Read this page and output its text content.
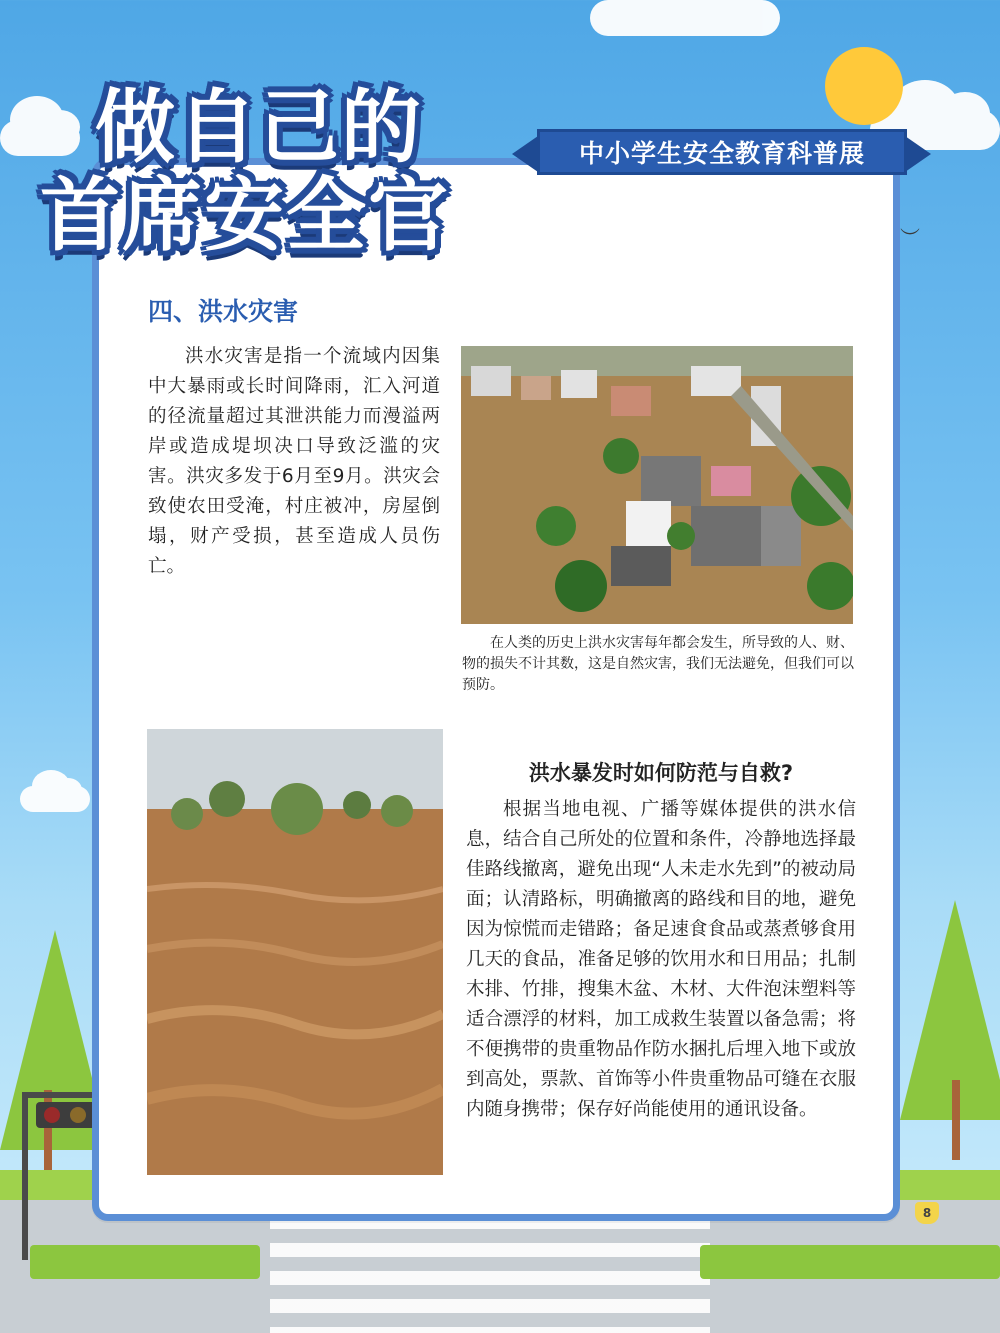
︶
中小学生安全教育科普展
做自己的
首席安全官
四、洪水灾害

洪水灾害是指一个流域内因集中大暴雨或长时间降雨，汇入河道的径流量超过其泄洪能力而漫溢两岸或造成堤坝决口导致泛滥的灾害。洪灾多发于6月至9月。洪灾会致使农田受淹，村庄被冲，房屋倒塌，财产受损，甚至造成人员伤亡。

在人类的历史上洪水灾害每年都会发生，所导致的人、财、物的损失不计其数，这是自然灾害，我们无法避免，但我们可以预防。

洪水暴发时如何防范与自救?

根据当地电视、广播等媒体提供的洪水信息，结合自己所处的位置和条件，冷静地选择最佳路线撤离，避免出现“人未走水先到”的被动局面；认清路标，明确撤离的路线和目的地，避免因为惊慌而走错路；备足速食食品或蒸煮够食用几天的食品，准备足够的饮用水和日用品；扎制木排、竹排，搜集木盆、木材、大件泡沫塑料等适合漂浮的材料，加工成救生装置以备急需；将不便携带的贵重物品作防水捆扎后埋入地下或放到高处，票款、首饰等小件贵重物品可缝在衣服内随身携带；保存好尚能使用的通讯设备。

8
